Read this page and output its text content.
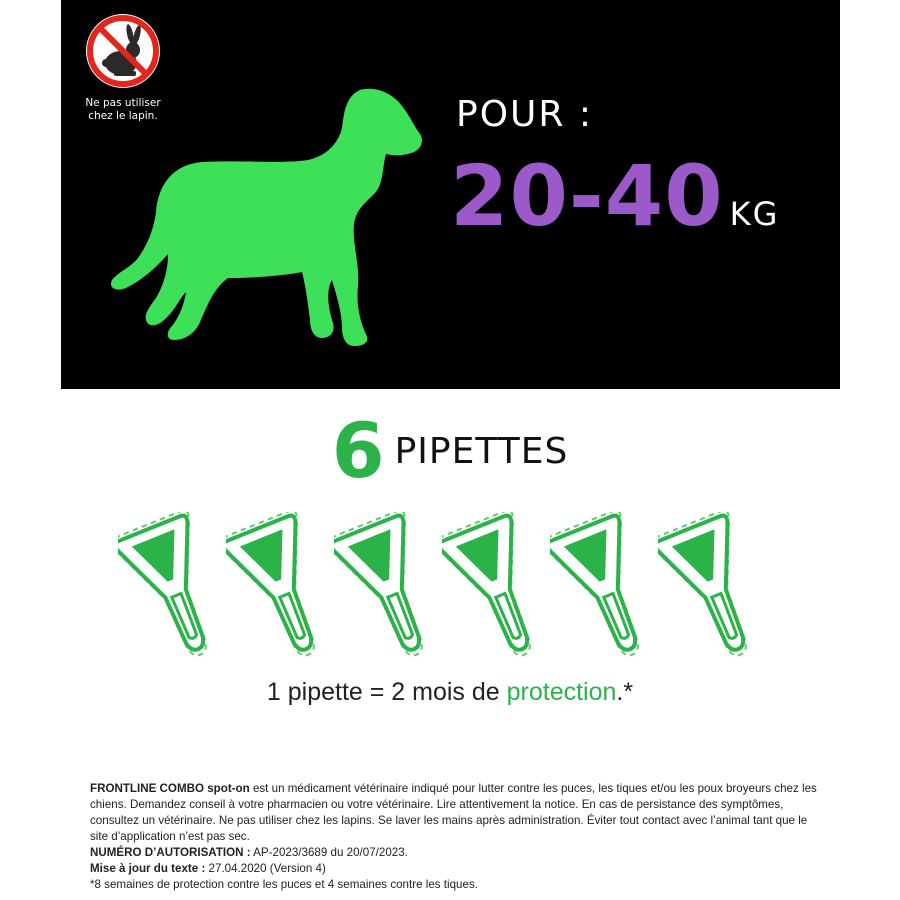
Ne pas utiliser
chez le lapin.	POUR :
20-40 KG
6 PIPETTES
1 pipette = 2 mois de protection.*

FRONTLINE COMBO spot-on est un médicament vétérinaire indiqué pour lutter contre les puces, les tiques et/ou les poux broyeurs chez les chiens. Demandez conseil à votre pharmacien ou votre vétérinaire. Lire attentivement la notice. En cas de persistance des symptômes, consultez un vétérinaire. Ne pas utiliser chez les lapins. Se laver les mains après administration. Éviter tout contact avec l’animal tant que le site d’application n’est pas sec.

NUMÉRO D’AUTORISATION : AP-2023/3689 du 20/07/2023.

Mise à jour du texte : 27.04.2020 (Version 4)

*8 semaines de protection contre les puces et 4 semaines contre les tiques.
